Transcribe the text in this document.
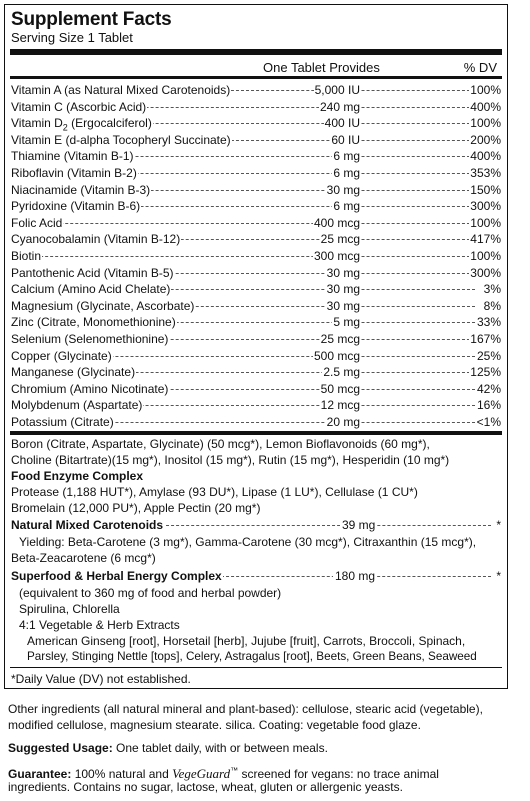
Supplement Facts
Serving Size 1 Tablet
One Tablet Provides	% DV
Vitamin A (as Natural Mixed Carotenoids)	5,000 IU	100%
Vitamin C (Ascorbic Acid)	240 mg	400%
Vitamin $D_2$ (Ergocalciferol)	400 IU	100%
Vitamin E (d-alpha Tocopheryl Succinate)	60 IU	200%
Thiamine (Vitamin B-1)	6 mg	400%
Riboflavin (Vitamin B-2)	6 mg	353%
Niacinamide (Vitamin B-3)	30 mg	150%
Pyridoxine (Vitamin B-6)	6 mg	300%
Folic Acid	400 mcg	100%
Cyanocobalamin (Vitamin B-12)	25 mcg	417%
Biotin	300 mcg	100%
Pantothenic Acid (Vitamin B-5)	30 mg	300%
Calcium (Amino Acid Chelate)	30 mg	3%
Magnesium (Glycinate, Ascorbate)	30 mg	8%
Zinc (Citrate, Monomethionine)	5 mg	33%
Selenium (Selenomethionine)	25 mcg	167%
Copper (Glycinate)	500 mcg	25%
Manganese (Glycinate)	2.5 mg	125%
Chromium (Amino Nicotinate)	50 mcg	42%
Molybdenum (Aspartate)	12 mcg	16%
Potassium (Citrate)	20 mg	<1%
Boron (Citrate, Aspartate, Glycinate) (50 mcg*), Lemon Bioflavonoids (60 mg*),
Choline (Bitartrate)(15 mg*), Inositol (15 mg*), Rutin (15 mg*), Hesperidin (10 mg*)
Food Enzyme Complex
Protease (1,188 HUT*), Amylase (93 DU*), Lipase (1 LU*), Cellulase (1 CU*)
Bromelain (12,000 PU*), Apple Pectin (20 mg*)
Natural Mixed Carotenoids	39 mg	*
Yielding: Beta-Carotene (3 mg*), Gamma-Carotene (30 mcg*), Citraxanthin (15 mcg*),
Beta-Zeacarotene (6 mcg*)
Superfood & Herbal Energy Complex	180 mg	*
(equivalent to 360 mg of food and herbal powder)
Spirulina, Chlorella
4:1 Vegetable & Herb Extracts
American Ginseng [root], Horsetail [herb], Jujube [fruit], Carrots, Broccoli, Spinach,
Parsley, Stinging Nettle [tops], Celery, Astragalus [root], Beets, Green Beans, Seaweed
*Daily Value (DV) not established.
Other ingredients (all natural mineral and plant-based): cellulose, stearic acid (vegetable),
modified cellulose, magnesium stearate. silica. Coating: vegetable food glaze.
Suggested Usage: One tablet daily, with or between meals.
Guarantee: 100% natural and VegeGuard™ screened for vegans: no trace animal
ingredients. Contains no sugar, lactose, wheat, gluten or allergenic yeasts.
